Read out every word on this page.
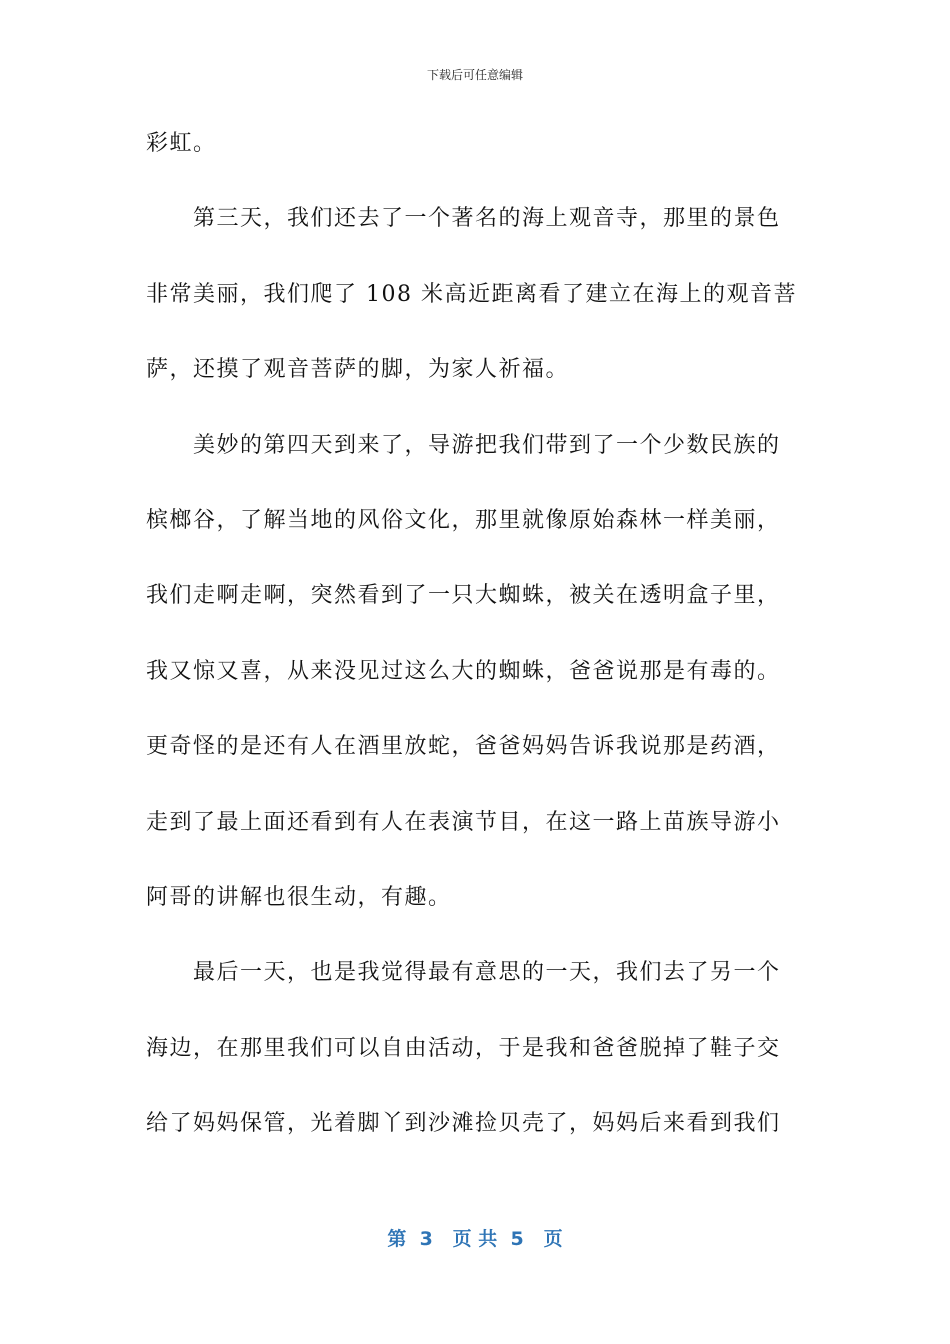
下载后可任意编辑
彩虹。
第三天，我们还去了一个著名的海上观音寺，那里的景色
非常美丽，我们爬了 108 米高近距离看了建立在海上的观音菩
萨，还摸了观音菩萨的脚，为家人祈福。
美妙的第四天到来了，导游把我们带到了一个少数民族的
槟榔谷，了解当地的风俗文化，那里就像原始森林一样美丽，
我们走啊走啊，突然看到了一只大蜘蛛，被关在透明盒子里，
我又惊又喜，从来没见过这么大的蜘蛛，爸爸说那是有毒的。
更奇怪的是还有人在酒里放蛇，爸爸妈妈告诉我说那是药酒，
走到了最上面还看到有人在表演节目，在这一路上苗族导游小
阿哥的讲解也很生动，有趣。
最后一天，也是我觉得最有意思的一天，我们去了另一个
海边，在那里我们可以自由活动，于是我和爸爸脱掉了鞋子交
给了妈妈保管，光着脚丫到沙滩捡贝壳了，妈妈后来看到我们
第  3   页 共  5   页
